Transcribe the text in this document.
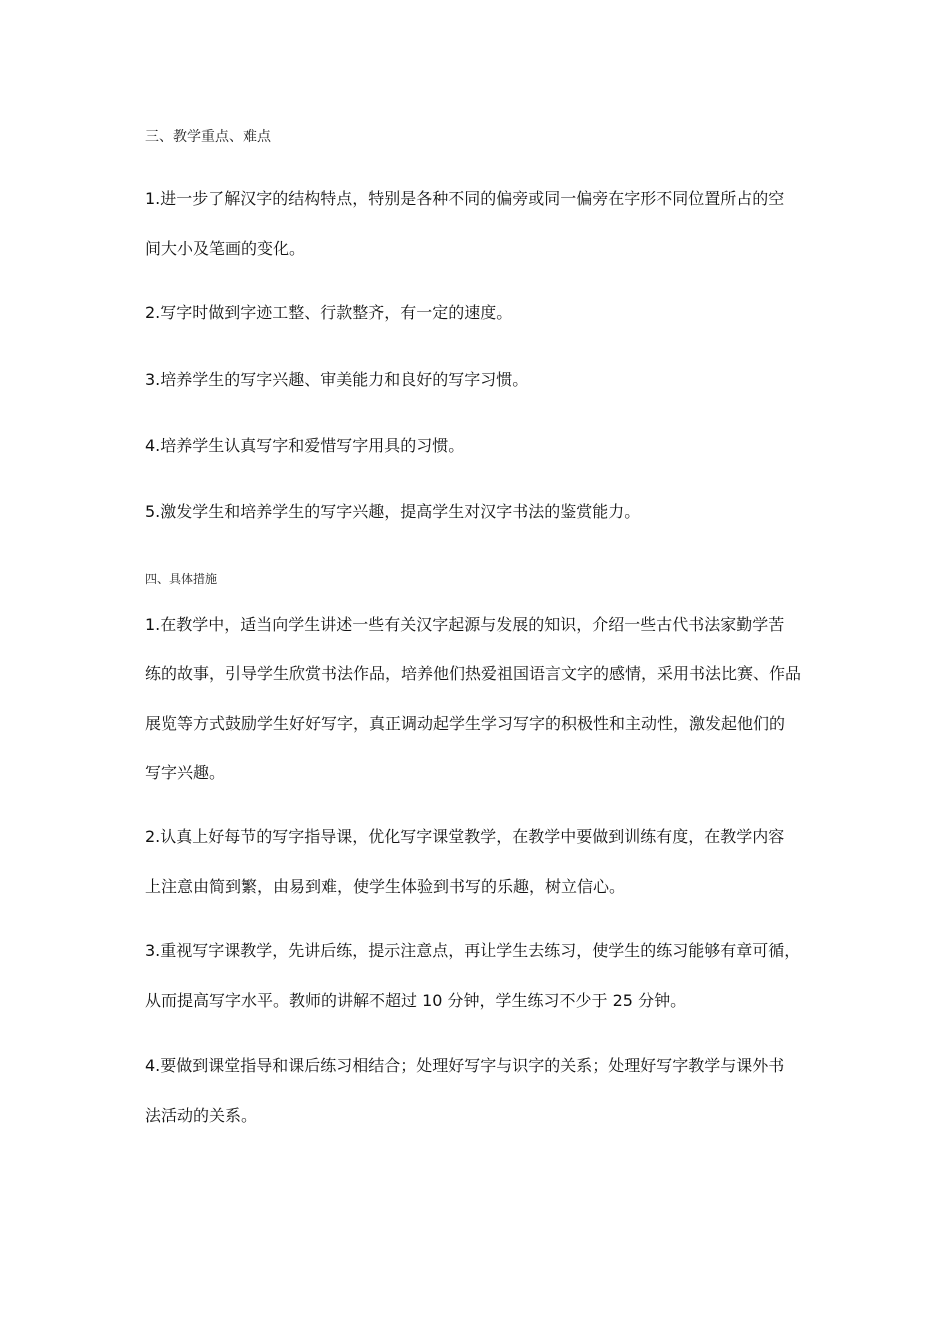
三、教学重点、难点
1.进一步了解汉字的结构特点，特别是各种不同的偏旁或同一偏旁在字形不同位置所占的空
间大小及笔画的变化。
2.写字时做到字迹工整、行款整齐，有一定的速度。
3.培养学生的写字兴趣、审美能力和良好的写字习惯。
4.培养学生认真写字和爱惜写字用具的习惯。
5.激发学生和培养学生的写字兴趣，提高学生对汉字书法的鉴赏能力。
四、具体措施
1.在教学中，适当向学生讲述一些有关汉字起源与发展的知识，介绍一些古代书法家勤学苦
练的故事，引导学生欣赏书法作品，培养他们热爱祖国语言文字的感情，采用书法比赛、作品
展览等方式鼓励学生好好写字，真正调动起学生学习写字的积极性和主动性，激发起他们的
写字兴趣。
2.认真上好每节的写字指导课，优化写字课堂教学，在教学中要做到训练有度，在教学内容
上注意由简到繁，由易到难，使学生体验到书写的乐趣，树立信心。
3.重视写字课教学，先讲后练，提示注意点，再让学生去练习，使学生的练习能够有章可循，
从而提高写字水平。教师的讲解不超过 10 分钟，学生练习不少于 25 分钟。
4.要做到课堂指导和课后练习相结合；处理好写字与识字的关系；处理好写字教学与课外书
法活动的关系。
